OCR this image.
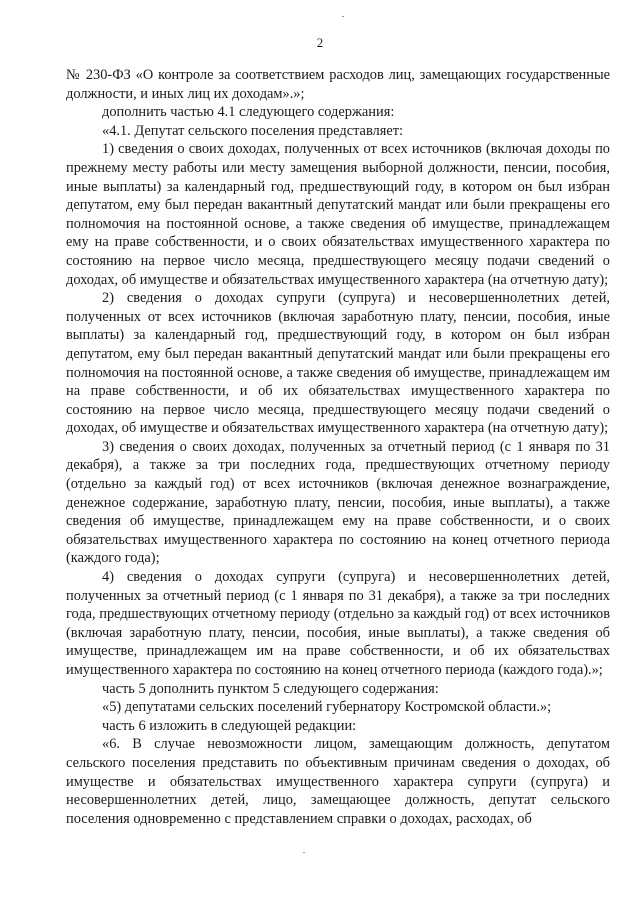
2

№ 230-ФЗ «О контроле за соответствием расходов лиц, замещающих государственные должности, и иных лиц их доходам».»;

дополнить частью 4.1 следующего содержания:

«4.1. Депутат сельского поселения представляет:

1) сведения о своих доходах, полученных от всех источников (включая доходы по прежнему месту работы или месту замещения выборной должности, пенсии, пособия, иные выплаты) за календарный год, предшествующий году, в котором он был избран депутатом, ему был передан вакантный депутатский мандат или были прекращены его полномочия на постоянной основе, а также сведения об имуществе, принадлежащем ему на праве собственности, и о своих обязательствах имущественного характера по состоянию на первое число месяца, предшествующего месяцу подачи сведений о доходах, об имуществе и обязательствах имущественного характера (на отчетную дату);

2) сведения о доходах супруги (супруга) и несовершеннолетних детей, полученных от всех источников (включая заработную плату, пенсии, пособия, иные выплаты) за календарный год, предшествующий году, в котором он был избран депутатом, ему был передан вакантный депутатский мандат или были прекращены его полномочия на постоянной основе, а также сведения об имуществе, принадлежащем им на праве собственности, и об их обязательствах имущественного характера по состоянию на первое число месяца, предшествующего месяцу подачи сведений о доходах, об имуществе и обязательствах имущественного характера (на отчетную дату);

3) сведения о своих доходах, полученных за отчетный период (с 1 января по 31 декабря), а также за три последних года, предшествующих отчетному периоду (отдельно за каждый год) от всех источников (включая денежное вознаграждение, денежное содержание, заработную плату, пенсии, пособия, иные выплаты), а также сведения об имуществе, принадлежащем ему на праве собственности, и о своих обязательствах имущественного характера по состоянию на конец отчетного периода (каждого года);

4) сведения о доходах супруги (супруга) и несовершеннолетних детей, полученных за отчетный период (с 1 января по 31 декабря), а также за три последних года, предшествующих отчетному периоду (отдельно за каждый год) от всех источников (включая заработную плату, пенсии, пособия, иные выплаты), а также сведения об имуществе, принадлежащем им на праве собственности, и об их обязательствах имущественного характера по состоянию на конец отчетного периода (каждого года).»;

часть 5 дополнить пунктом 5 следующего содержания:

«5) депутатами сельских поселений губернатору Костромской области.»;

часть 6 изложить в следующей редакции:

«6. В случае невозможности лицом, замещающим должность, депутатом сельского поселения представить по объективным причинам сведения о доходах, об имуществе и обязательствах имущественного характера супруги (супруга) и несовершеннолетних детей, лицо, замещающее должность, депутат сельского поселения одновременно с представлением справки о доходах, расходах, об
